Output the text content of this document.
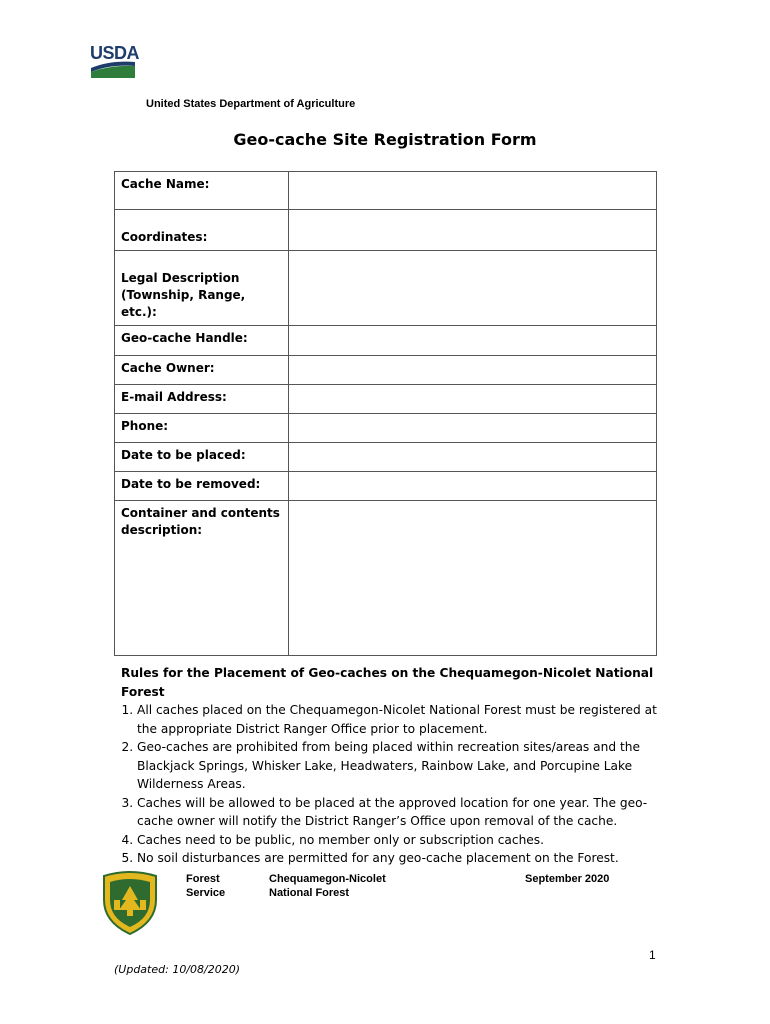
USDA
United States Department of Agriculture
Geo-cache Site Registration Form
Cache Name:	
Coordinates:	
Legal Description (Township, Range, etc.):	
Geo-cache Handle:	
Cache Owner:	
E-mail Address:	
Phone:	
Date to be placed:	
Date to be removed:	
Container and contents description:	
Rules for the Placement of Geo-caches on the Chequamegon-Nicolet National Forest
1. All caches placed on the Chequamegon-Nicolet National Forest must be registered at the appropriate District Ranger Office prior to placement.
2. Geo-caches are prohibited from being placed within recreation sites/areas and the Blackjack Springs, Whisker Lake, Headwaters, Rainbow Lake, and Porcupine Lake Wilderness Areas.
3. Caches will be allowed to be placed at the approved location for one year. The geo-cache owner will notify the District Ranger’s Office upon removal of the cache.
4. Caches need to be public, no member only or subscription caches.
5. No soil disturbances are permitted for any geo-cache placement on the Forest.
Forest
Service
Chequamegon-Nicolet
National Forest
September 2020
1
(Updated: 10/08/2020)
